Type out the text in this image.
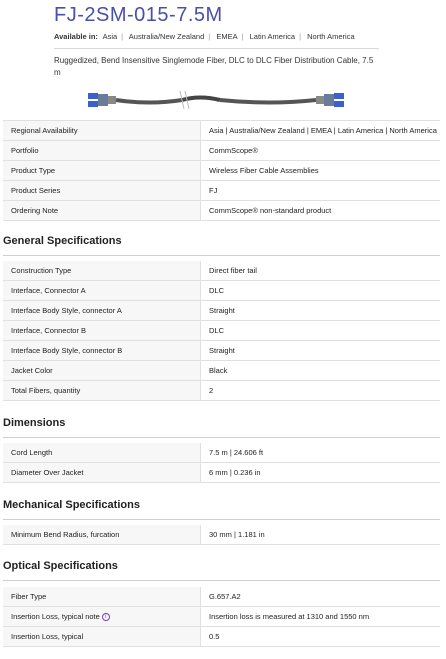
FJ-2SM-015-7.5M
Available in: Asia | Australia/New Zealand | EMEA | Latin America | North America

Ruggedized, Bend Insensitive Singlemode Fiber, DLC to DLC Fiber Distribution Cable, 7.5 m

Regional Availability	Asia | Australia/New Zealand | EMEA | Latin America | North America
Portfolio	CommScope®
Product Type	Wireless Fiber Cable Assemblies
Product Series	FJ
Ordering Note	CommScope® non-standard product
General Specifications
Construction Type	Direct fiber tail
Interface, Connector A	DLC
Interface Body Style, connector A	Straight
Interface, Connector B	DLC
Interface Body Style, connector B	Straight
Jacket Color	Black
Total Fibers, quantity	2
Dimensions
Cord Length	7.5 m | 24.606 ft
Diameter Over Jacket	6 mm | 0.236 in
Mechanical Specifications
Minimum Bend Radius, furcation	30 mm | 1.181 in
Optical Specifications
Fiber Type	G.657.A2
Insertion Loss, typical note i	Insertion loss is measured at 1310 and 1550 nm
Insertion Loss, typical	0.5
